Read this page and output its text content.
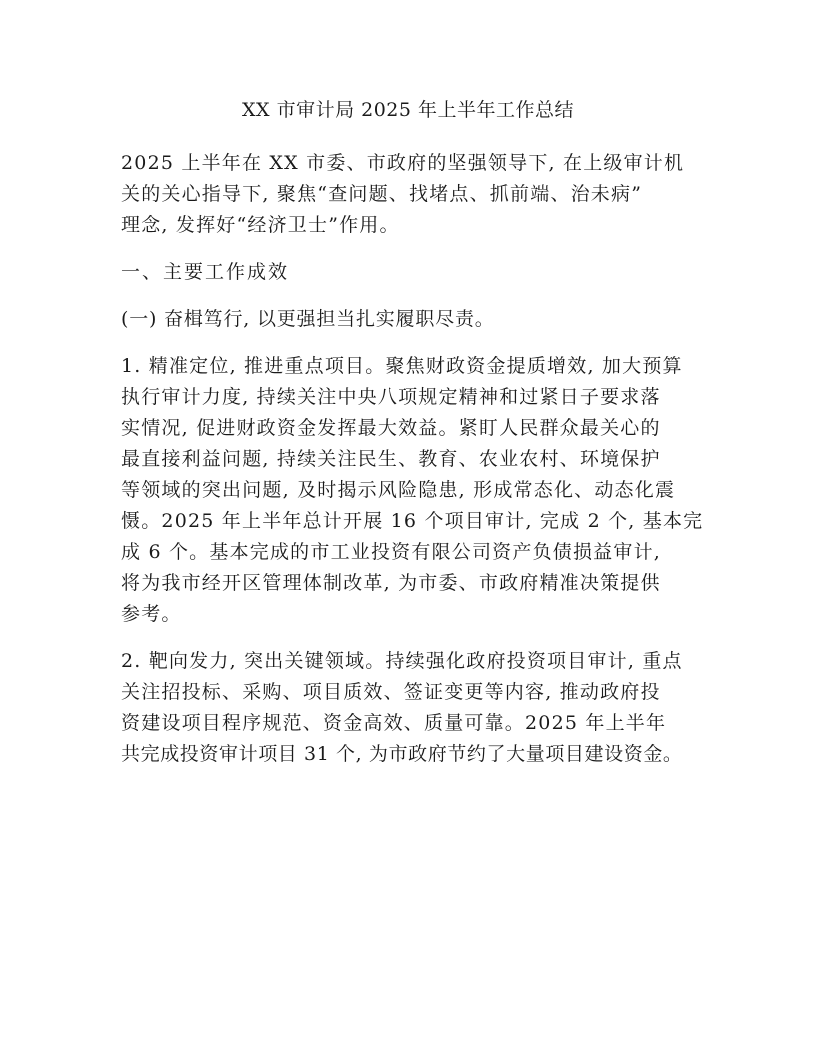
XX 市审计局 2025 年上半年工作总结

2025 上半年在 XX 市委、市政府的坚强领导下, 在上级审计机
关的关心指导下, 聚焦“查问题、找堵点、抓前端、治未病”
理念, 发挥好“经济卫士”作用。

一、主要工作成效

(一) 奋楫笃行, 以更强担当扎实履职尽责。

1. 精准定位, 推进重点项目。聚焦财政资金提质增效, 加大预算
执行审计力度, 持续关注中央八项规定精神和过紧日子要求落
实情况, 促进财政资金发挥最大效益。紧盯人民群众最关心的
最直接利益问题, 持续关注民生、教育、农业农村、环境保护
等领域的突出问题, 及时揭示风险隐患, 形成常态化、动态化震
慑。2025 年上半年总计开展 16 个项目审计, 完成 2 个, 基本完
成 6 个。基本完成的市工业投资有限公司资产负债损益审计,
将为我市经开区管理体制改革, 为市委、市政府精准决策提供
参考。

2. 靶向发力, 突出关键领域。持续强化政府投资项目审计, 重点
关注招投标、采购、项目质效、签证变更等内容, 推动政府投
资建设项目程序规范、资金高效、质量可靠。2025 年上半年
共完成投资审计项目 31 个, 为市政府节约了大量项目建设资金。
